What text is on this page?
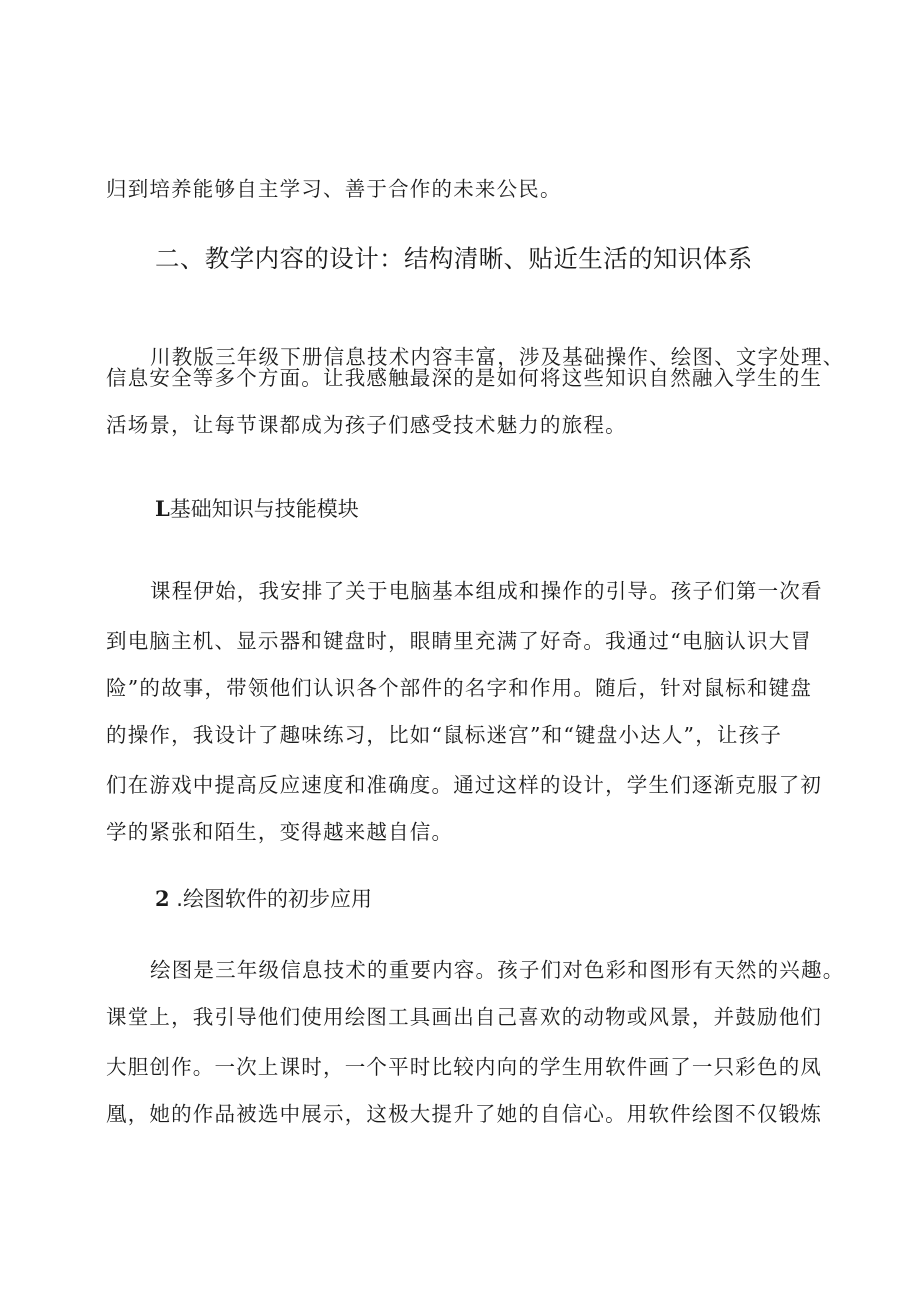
归到培养能够自主学习、善于合作的未来公民。
二、教学内容的设计：结构清晰、贴近生活的知识体系
川教版三年级下册信息技术内容丰富，涉及基础操作、绘图、文字处理、
信息安全等多个方面。让我感触最深的是如何将这些知识自然融入学生的生
活场景，让每节课都成为孩子们感受技术魅力的旅程。
L基础知识与技能模块
课程伊始，我安排了关于电脑基本组成和操作的引导。孩子们第一次看
到电脑主机、显示器和键盘时，眼睛里充满了好奇。我通过“电脑认识大冒
险”的故事，带领他们认识各个部件的名字和作用。随后，针对鼠标和键盘
的操作，我设计了趣味练习，比如“鼠标迷宫”和“键盘小达人”，让孩子
们在游戏中提高反应速度和准确度。通过这样的设计，学生们逐渐克服了初
学的紧张和陌生，变得越来越自信。
2 .绘图软件的初步应用
绘图是三年级信息技术的重要内容。孩子们对色彩和图形有天然的兴趣。
课堂上，我引导他们使用绘图工具画出自己喜欢的动物或风景，并鼓励他们
大胆创作。一次上课时，一个平时比较内向的学生用软件画了一只彩色的凤
凰，她的作品被选中展示，这极大提升了她的自信心。用软件绘图不仅锻炼
